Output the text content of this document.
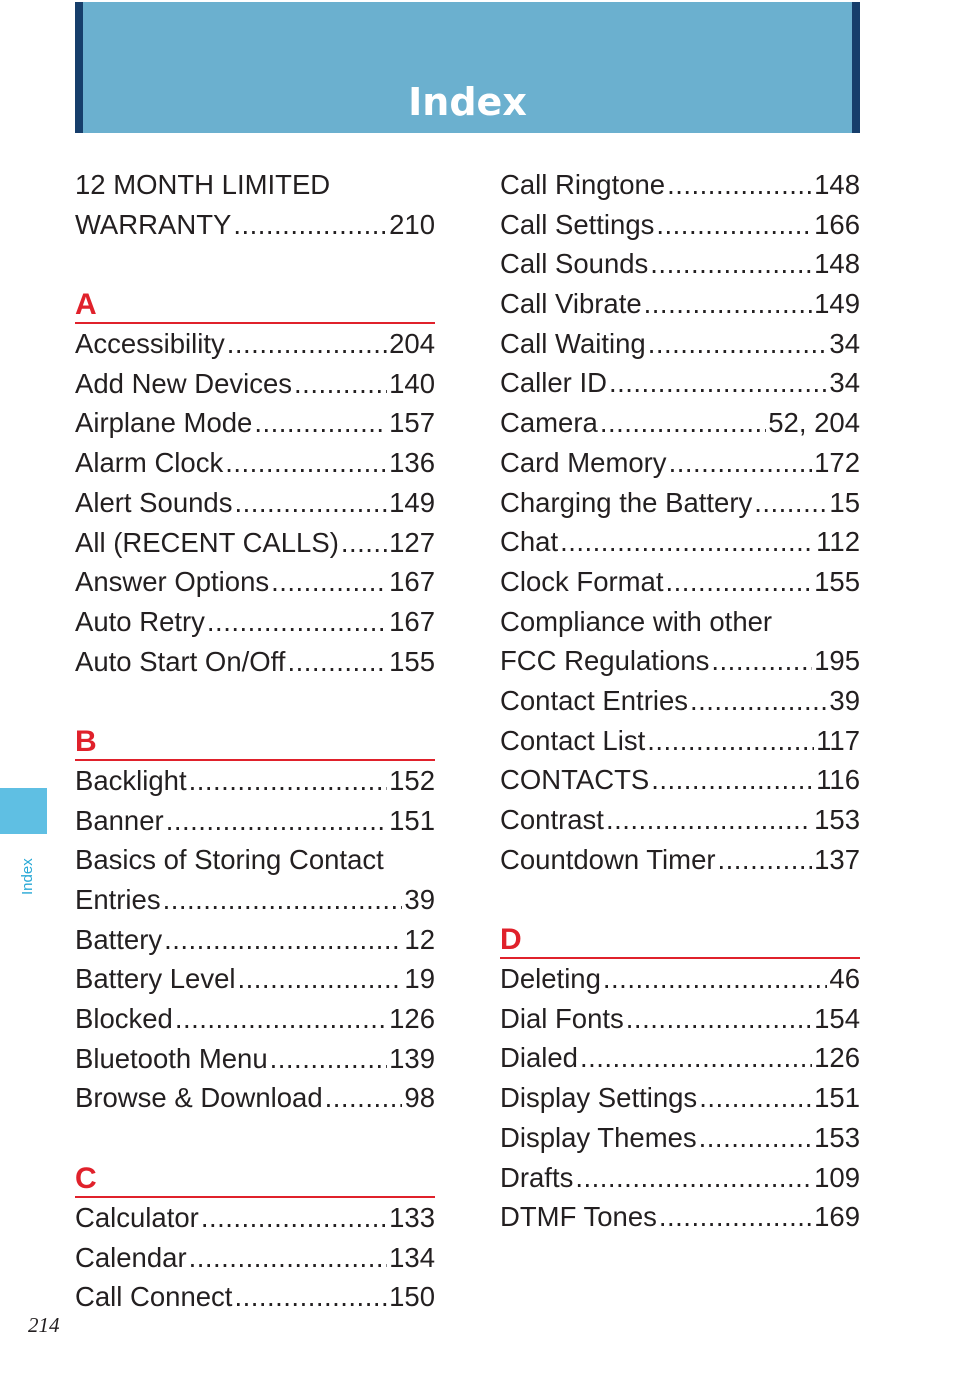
Index
12 MONTH LIMITED
WARRANTY .....	210
A
Accessibility .....	204
Add New Devices .....	140
Airplane Mode .....	157
Alarm Clock .....	136
Alert Sounds .....	149
All (RECENT CALLS) ..... 127
Answer Options .....	167
Auto Retry .....	167
Auto Start On/Off .....	155
B
Backlight .....	152
Banner .....	151
Basics of Storing Contact
Entries .....	39
Battery .....	12
Battery Level .....	19
Blocked .....	126
Bluetooth Menu .....	139
Browse & Download .....	98
C
Calculator .....	133
Calendar .....	134
Call Connect .....	150
Call Ringtone .....	148
Call Settings .....	166
Call Sounds .....	148
Call Vibrate .....	149
Call Waiting .....	34
Caller ID .....	34
Camera .....	52, 204
Card Memory .....	172
Charging the Battery .....	15
Chat .....	112
Clock Format .....	155
Compliance with other
FCC Regulations .....	195
Contact Entries .....	39
Contact List .....	117
CONTACTS .....	116
Contrast .....	153
Countdown Timer .....	137
D
Deleting .....	46
Dial Fonts .....	154
Dialed .....	126
Display Settings .....	151
Display Themes .....	153
Drafts .....	109
DTMF Tones .....	169
Index
214
